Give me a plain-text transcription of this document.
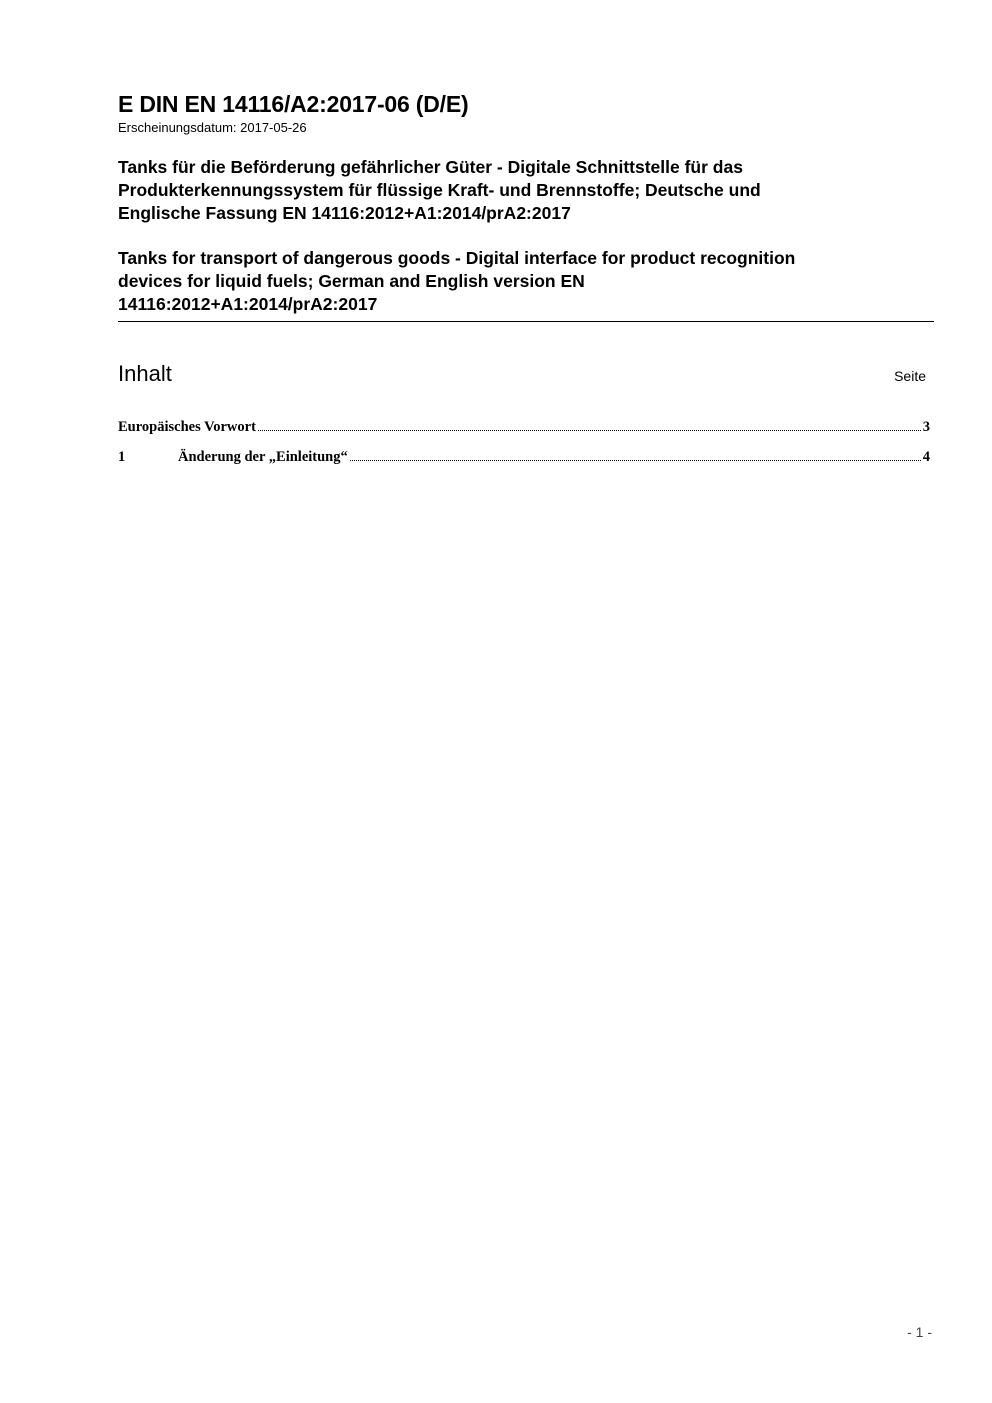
E DIN EN 14116/A2:2017-06 (D/E)
Erscheinungsdatum: 2017-05-26
Tanks für die Beförderung gefährlicher Güter - Digitale Schnittstelle für das
Produkterkennungssystem für flüssige Kraft- und Brennstoffe; Deutsche und
Englische Fassung EN 14116:2012+A1:2014/prA2:2017
Tanks for transport of dangerous goods - Digital interface for product recognition
devices for liquid fuels; German and English version EN
14116:2012+A1:2014/prA2:2017
Inhalt	Seite
Europäisches Vorwort	3
1	Änderung der „Einleitung“	4
- 1 -
